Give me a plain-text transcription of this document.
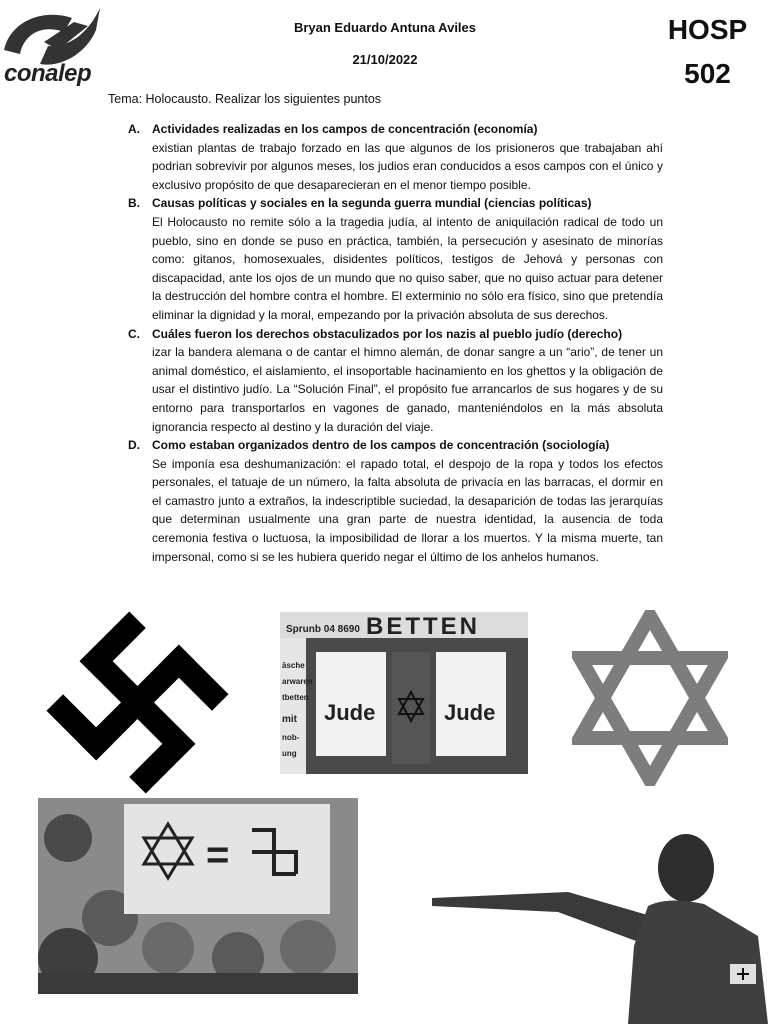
conalep
Bryan Eduardo Antuna Aviles
21/10/2022
HOSP
502
Tema: Holocausto. Realizar los siguientes puntos
A. Actividades realizadas en los campos de concentración (economía)

existian plantas de trabajo forzado en las que algunos de los prisioneros que trabajaban ahí podrian sobrevivir por algunos meses, los judios eran conducidos a esos campos con el único y exclusivo propósito de que desaparecieran en el menor tiempo posible.

B. Causas políticas y sociales en la segunda guerra mundial (ciencias políticas)

El Holocausto no remite sólo a la tragedia judía, al intento de aniquilación radical de todo un pueblo, sino en donde se puso en práctica, también, la persecución y asesinato de minorías como: gitanos, homosexuales, disidentes políticos, testigos de Jehová y personas con discapacidad, ante los ojos de un mundo que no quiso saber, que no quiso actuar para detener la destrucción del hombre contra el hombre. El exterminio no sólo era físico, sino que pretendía eliminar la dignidad y la moral, empezando por la privación absoluta de sus derechos.

C. Cuáles fueron los derechos obstaculizados por los nazis al pueblo judío (derecho)

izar la bandera alemana o de cantar el himno alemán, de donar sangre a un “ario”, de tener un animal doméstico, el aislamiento, el insoportable hacinamiento en los ghettos y la obligación de usar el distintivo judío. La “Solución Final”, el propósito fue arrancarlos de sus hogares y de su entorno para transportarlos en vagones de ganado, manteniéndolos en la más absoluta ignorancia respecto al destino y la duración del viaje.

D. Como estaban organizados dentro de los campos de concentración (sociología)

Se imponía esa deshumanización: el rapado total, el despojo de la ropa y todos los efectos personales, el tatuaje de un número, la falta absoluta de privacía en las barracas, el dormir en el camastro junto a extraños, la indescriptible suciedad, la desaparición de todas las jerarquías que determinan usualmente una gran parte de nuestra identidad, la ausencia de toda ceremonia festiva o luctuosa, la imposibilidad de llorar a los muertos. Y la misma muerte, tan impersonal, como si se les hubiera querido negar el último de los anhelos humanos.

Sprunb 04 8690 BETTEN
äsche
arwaren
tbetten
mit
nob-
ung
Jude	Jude
=
